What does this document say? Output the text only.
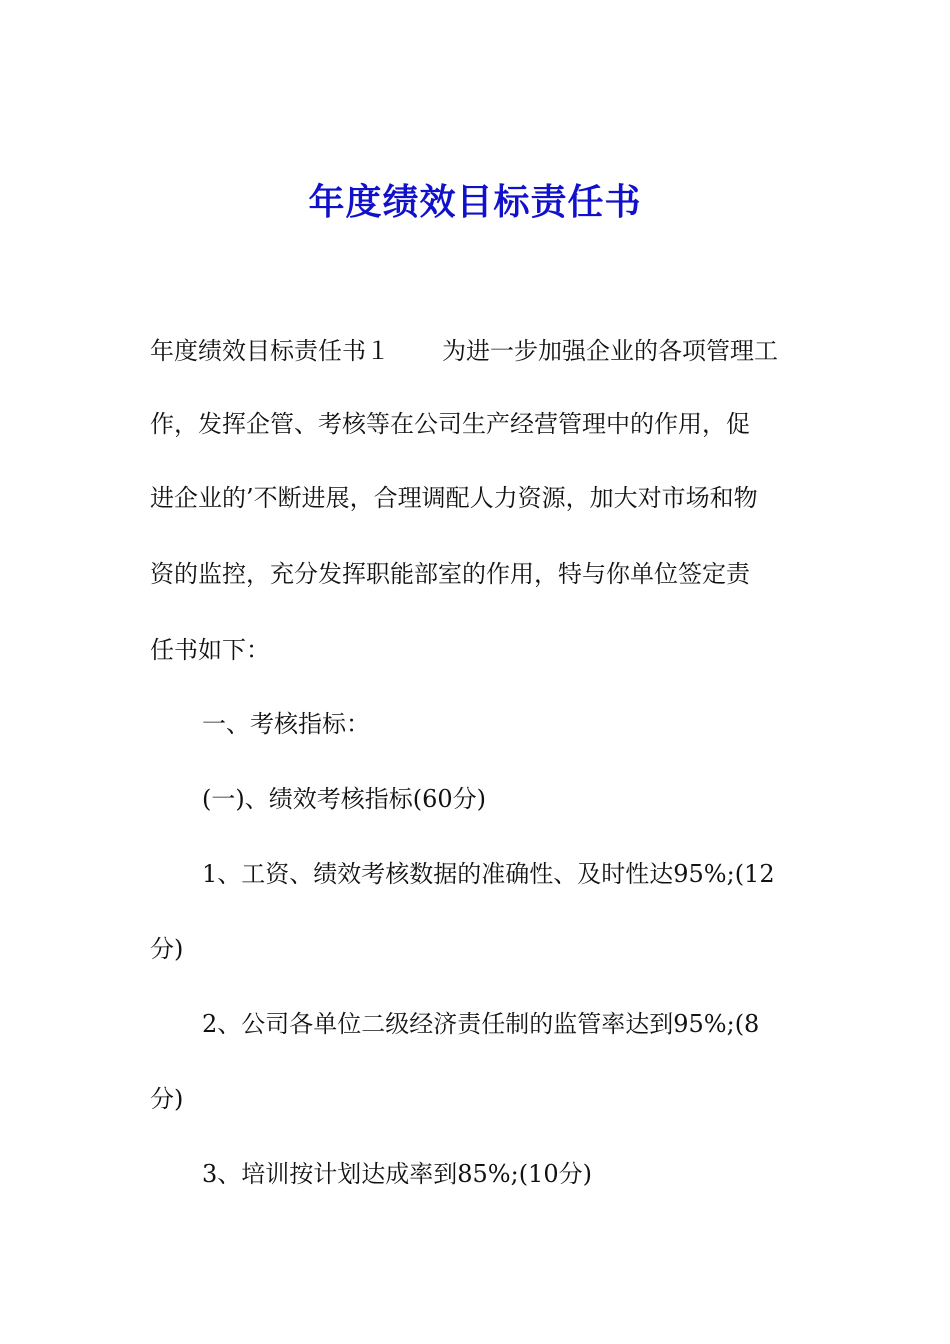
年度绩效目标责任书
年度绩效目标责任书１ 为进一步加强企业的各项管理工
作，发挥企管、考核等在公司生产经营管理中的作用，促
进企业的’不断进展，合理调配人力资源，加大对市场和物
资的监控，充分发挥职能部室的作用，特与你单位签定责
任书如下：
一、考核指标：
(一)、绩效考核指标(60分)
1、工资、绩效考核数据的准确性、及时性达95%;(12
分)
2、公司各单位二级经济责任制的监管率达到95%;(8
分)
3、培训按计划达成率到85%;(10分)
